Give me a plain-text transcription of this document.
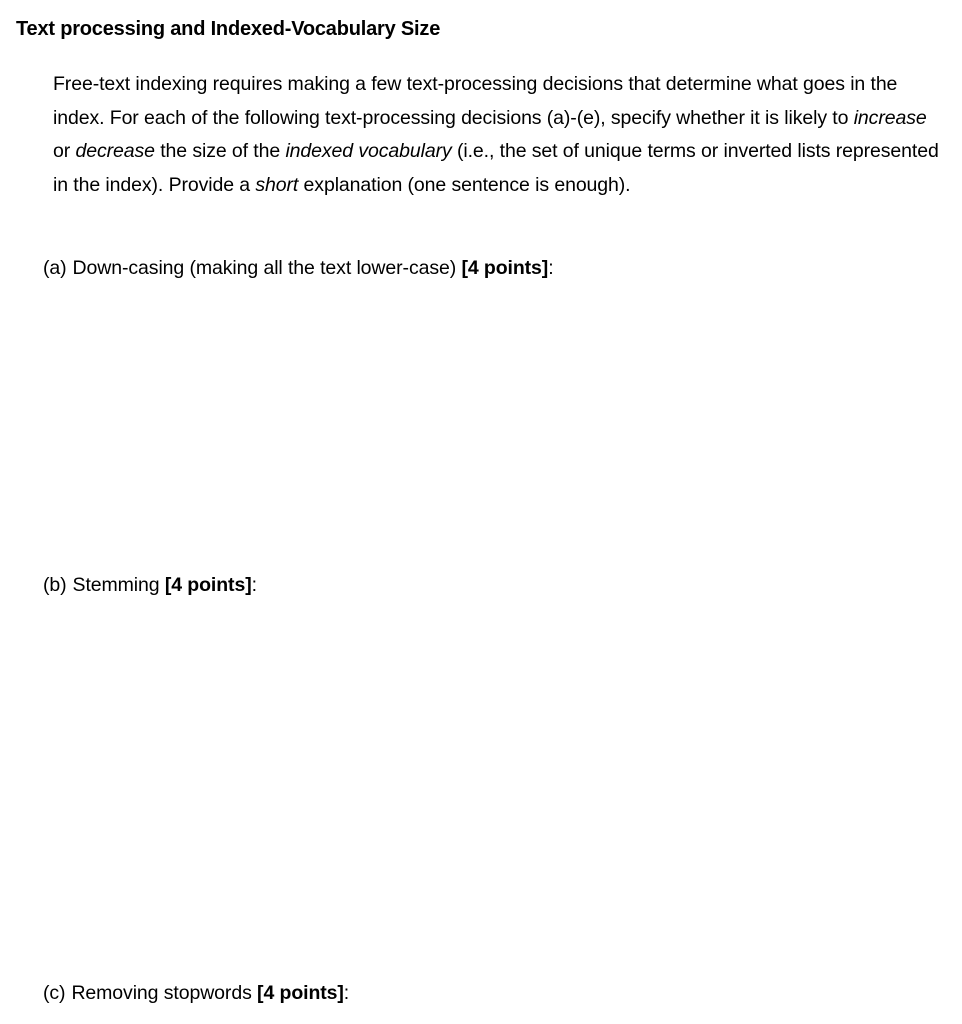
Text processing and Indexed-Vocabulary Size

Free-text indexing requires making a few text-processing decisions that determine what goes in the index. For each of the following text-processing decisions (a)-(e), specify whether it is likely to increase or decrease the size of the indexed vocabulary (i.e., the set of unique terms or inverted lists represented in the index). Provide a short explanation (one sentence is enough).

(a) Down-casing (making all the text lower-case) [4 points]:

(b) Stemming [4 points]:

(c) Removing stopwords [4 points]:
